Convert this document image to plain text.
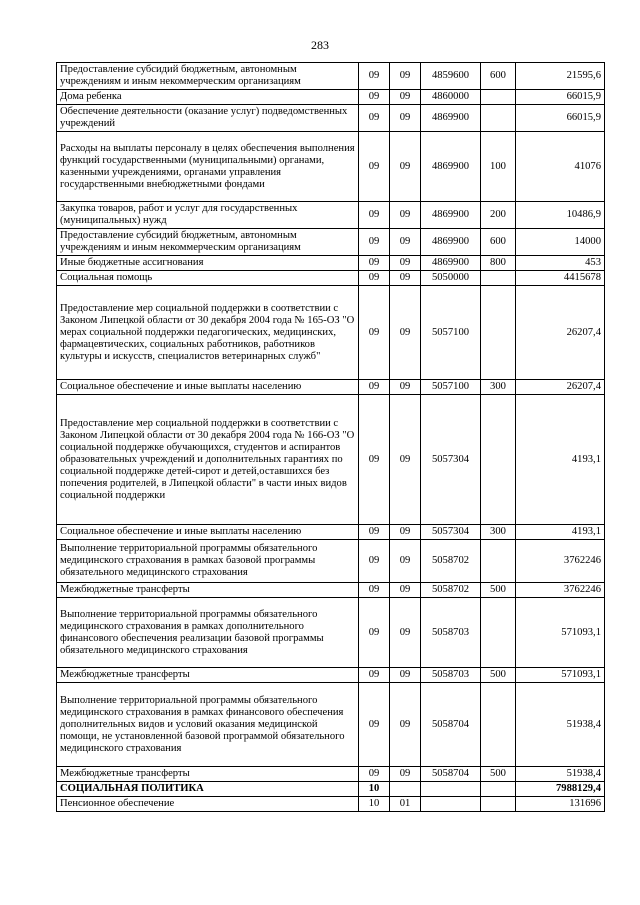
283
Предоставление субсидий бюджетным, автономным учреждениям и иным некоммерческим организациям	09	09	4859600	600	21595,6
Дома ребенка	09	09	4860000		66015,9
Обеспечение деятельности (оказание услуг) подведомственных учреждений	09	09	4869900		66015,9
Расходы на выплаты персоналу в целях обеспечения выполнения функций государственными (муниципальными) органами, казенными учреждениями, органами управления государственными внебюджетными фондами	09	09	4869900	100	41076
Закупка товаров, работ и услуг для государственных (муниципальных) нужд	09	09	4869900	200	10486,9
Предоставление субсидий бюджетным, автономным учреждениям и иным некоммерческим организациям	09	09	4869900	600	14000
Иные бюджетные ассигнования	09	09	4869900	800	453
Социальная помощь	09	09	5050000		4415678
Предоставление мер социальной поддержки в соответствии с Законом Липецкой области от 30 декабря 2004 года № 165-ОЗ "О мерах социальной поддержки педагогических, медицинских, фармацевтических, социальных работников, работников культуры и искусств, специалистов ветеринарных служб"	09	09	5057100		26207,4
Социальное обеспечение и иные выплаты населению	09	09	5057100	300	26207,4
Предоставление мер социальной поддержки в соответствии с Законом Липецкой области от 30 декабря 2004 года № 166-ОЗ "О социальной поддержке обучающихся, студентов и аспирантов образовательных учреждений и дополнительных гарантиях по социальной поддержке детей-сирот и детей,оставшихся без попечения родителей, в Липецкой области" в части иных видов социальной поддержки	09	09	5057304		4193,1
Социальное обеспечение и иные выплаты населению	09	09	5057304	300	4193,1
Выполнение территориальной программы обязательного медицинского страхования в рамках базовой программы обязательного медицинского страхования	09	09	5058702		3762246
Межбюджетные трансферты	09	09	5058702	500	3762246
Выполнение территориальной программы обязательного медицинского страхования в рамках дополнительного финансового обеспечения реализации базовой программы обязательного медицинского страхования	09	09	5058703		571093,1
Межбюджетные трансферты	09	09	5058703	500	571093,1
Выполнение территориальной программы обязательного медицинского страхования в рамках финансового обеспечения дополнительных видов и условий оказания медицинской помощи, не установленной базовой программой обязательного медицинского страхования	09	09	5058704		51938,4
Межбюджетные трансферты	09	09	5058704	500	51938,4
СОЦИАЛЬНАЯ ПОЛИТИКА	10				7988129,4
Пенсионное обеспечение	10	01			131696
